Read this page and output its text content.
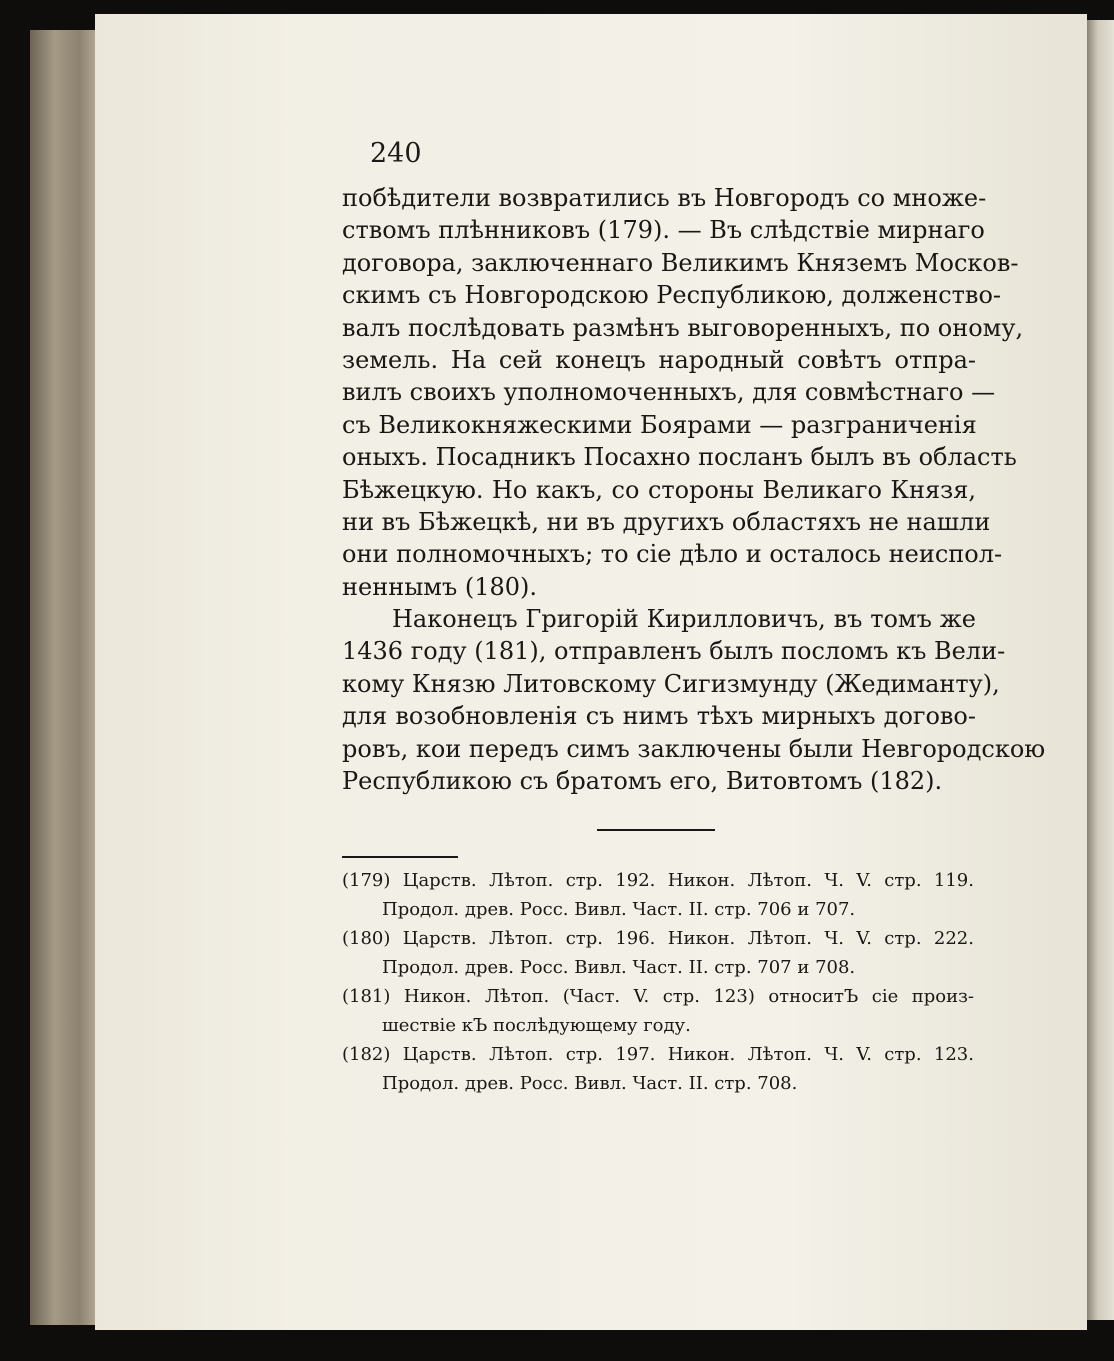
240

побѣдители возвратились въ Новгородъ со множе-
ствомъ плѣнниковъ (179). — Въ слѣдствіе мирнаго
договора, заключеннаго Великимъ Княземъ Москов-
скимъ съ Новгородскою Республикою, долженство-
валъ послѣдовать размѣнъ выговоренныхъ, по оному,
земель. На сей конецъ народный совѣтъ отпра-
вилъ своихъ уполномоченныхъ, для совмѣстнаго —
съ Великокняжескими Боярами — разграниченія
оныхъ. Посадникъ Посахно посланъ былъ въ область
Бѣжецкую. Но какъ, со стороны Великаго Князя,
ни въ Бѣжецкѣ, ни въ другихъ областяхъ не нашли
они полномочныхъ; то сіе дѣло и осталось неиспол-
неннымъ (180).
Наконецъ Григорій Кирилловичъ, въ томъ же
1436 году (181), отправленъ былъ посломъ къ Вели-
кому Князю Литовскому Сигизмунду (Жедиманту),
для возобновленія съ нимъ тѣхъ мирныхъ догово-
ровъ, кои передъ симъ заключены были Невгородскою
Республикою съ братомъ его, Витовтомъ (182).
(179) Царств. Лѣтоп. стр. 192. Никон. Лѣтоп. Ч. V. стр. 119.
Продол. древ. Росс. Вивл. Част. II. стр. 706 и 707.
(180) Царств. Лѣтоп. стр. 196. Никон. Лѣтоп. Ч. V. стр. 222.
Продол. древ. Росс. Вивл. Част. II. стр. 707 и 708.
(181) Никон. Лѣтоп. (Част. V. стр. 123) относитЪ сіе произ-
шествіе кЪ послѣдующему году.
(182) Царств. Лѣтоп. стр. 197. Никон. Лѣтоп. Ч. V. стр. 123.
Продол. древ. Росс. Вивл. Част. II. стр. 708.
